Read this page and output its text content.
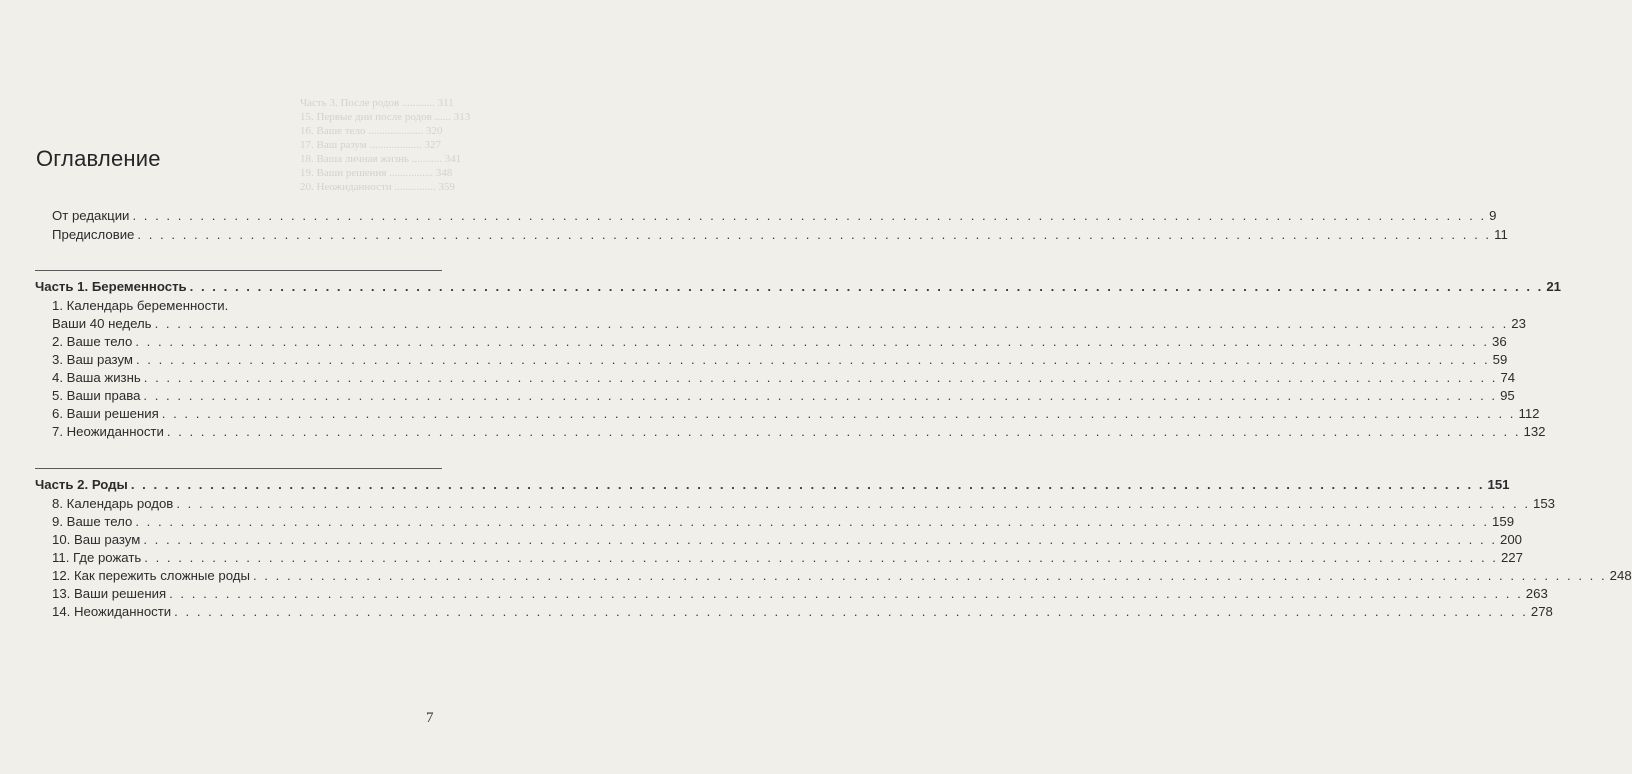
Часть 3. После родов ............ 311
15. Первые дни после родов ...... 313
16. Ваше тело .................... 320
17. Ваш разум ................... 327
18. Ваша личная жизнь ........... 341
19. Ваши решения ................ 348
20. Неожиданности ............... 359
Оглавление
От редакции . . . . . . . . . . . . . . . . . . . . . . . . . . . . . . . . . . . . . . . . . . . . . . . . . . . . . . . . . . . . . . . . . . . . . . . . . . . . . . . . . . . . . . . . . . . . . . . . . . . . . . . . . . . . . . . . . . . . . . . . 9
Предисловие . . . . . . . . . . . . . . . . . . . . . . . . . . . . . . . . . . . . . . . . . . . . . . . . . . . . . . . . . . . . . . . . . . . . . . . . . . . . . . . . . . . . . . . . . . . . . . . . . . . . . . . . . . . . . . . . . . . . . . . . 11
Часть 1. Беременность . . . . . . . . . . . . . . . . . . . . . . . . . . . . . . . . . . . . . . . . . . . . . . . . . . . . . . . . . . . . . . . . . . . . . . . . . . . . . . . . . . . . . . . . . . . . . . . . . . . . . . . . . . . . . . . . . . . . . . . . 21
1. Календарь беременности.
Ваши 40 недель . . . . . . . . . . . . . . . . . . . . . . . . . . . . . . . . . . . . . . . . . . . . . . . . . . . . . . . . . . . . . . . . . . . . . . . . . . . . . . . . . . . . . . . . . . . . . . . . . . . . . . . . . . . . . . . . . . . . . . . . 23
2. Ваше тело . . . . . . . . . . . . . . . . . . . . . . . . . . . . . . . . . . . . . . . . . . . . . . . . . . . . . . . . . . . . . . . . . . . . . . . . . . . . . . . . . . . . . . . . . . . . . . . . . . . . . . . . . . . . . . . . . . . . . . . . 36
3. Ваш разум . . . . . . . . . . . . . . . . . . . . . . . . . . . . . . . . . . . . . . . . . . . . . . . . . . . . . . . . . . . . . . . . . . . . . . . . . . . . . . . . . . . . . . . . . . . . . . . . . . . . . . . . . . . . . . . . . . . . . . . . 59
4. Ваша жизнь . . . . . . . . . . . . . . . . . . . . . . . . . . . . . . . . . . . . . . . . . . . . . . . . . . . . . . . . . . . . . . . . . . . . . . . . . . . . . . . . . . . . . . . . . . . . . . . . . . . . . . . . . . . . . . . . . . . . . . . . 74
5. Ваши права . . . . . . . . . . . . . . . . . . . . . . . . . . . . . . . . . . . . . . . . . . . . . . . . . . . . . . . . . . . . . . . . . . . . . . . . . . . . . . . . . . . . . . . . . . . . . . . . . . . . . . . . . . . . . . . . . . . . . . . . 95
6. Ваши решения . . . . . . . . . . . . . . . . . . . . . . . . . . . . . . . . . . . . . . . . . . . . . . . . . . . . . . . . . . . . . . . . . . . . . . . . . . . . . . . . . . . . . . . . . . . . . . . . . . . . . . . . . . . . . . . . . . . . . . . . 112
7. Неожиданности . . . . . . . . . . . . . . . . . . . . . . . . . . . . . . . . . . . . . . . . . . . . . . . . . . . . . . . . . . . . . . . . . . . . . . . . . . . . . . . . . . . . . . . . . . . . . . . . . . . . . . . . . . . . . . . . . . . . . . . . 132
Часть 2. Роды . . . . . . . . . . . . . . . . . . . . . . . . . . . . . . . . . . . . . . . . . . . . . . . . . . . . . . . . . . . . . . . . . . . . . . . . . . . . . . . . . . . . . . . . . . . . . . . . . . . . . . . . . . . . . . . . . . . . . . . . 151
8. Календарь родов . . . . . . . . . . . . . . . . . . . . . . . . . . . . . . . . . . . . . . . . . . . . . . . . . . . . . . . . . . . . . . . . . . . . . . . . . . . . . . . . . . . . . . . . . . . . . . . . . . . . . . . . . . . . . . . . . . . . . . . . 153
9. Ваше тело . . . . . . . . . . . . . . . . . . . . . . . . . . . . . . . . . . . . . . . . . . . . . . . . . . . . . . . . . . . . . . . . . . . . . . . . . . . . . . . . . . . . . . . . . . . . . . . . . . . . . . . . . . . . . . . . . . . . . . . . 159
10. Ваш разум . . . . . . . . . . . . . . . . . . . . . . . . . . . . . . . . . . . . . . . . . . . . . . . . . . . . . . . . . . . . . . . . . . . . . . . . . . . . . . . . . . . . . . . . . . . . . . . . . . . . . . . . . . . . . . . . . . . . . . . . 200
11. Где рожать . . . . . . . . . . . . . . . . . . . . . . . . . . . . . . . . . . . . . . . . . . . . . . . . . . . . . . . . . . . . . . . . . . . . . . . . . . . . . . . . . . . . . . . . . . . . . . . . . . . . . . . . . . . . . . . . . . . . . . . . 227
12. Как пережить сложные роды . . . . . . . . . . . . . . . . . . . . . . . . . . . . . . . . . . . . . . . . . . . . . . . . . . . . . . . . . . . . . . . . . . . . . . . . . . . . . . . . . . . . . . . . . . . . . . . . . . . . . . . . . . . . . . . . . . . . . . . . 248
13. Ваши решения . . . . . . . . . . . . . . . . . . . . . . . . . . . . . . . . . . . . . . . . . . . . . . . . . . . . . . . . . . . . . . . . . . . . . . . . . . . . . . . . . . . . . . . . . . . . . . . . . . . . . . . . . . . . . . . . . . . . . . . . 263
14. Неожиданности . . . . . . . . . . . . . . . . . . . . . . . . . . . . . . . . . . . . . . . . . . . . . . . . . . . . . . . . . . . . . . . . . . . . . . . . . . . . . . . . . . . . . . . . . . . . . . . . . . . . . . . . . . . . . . . . . . . . . . . . 278
7
